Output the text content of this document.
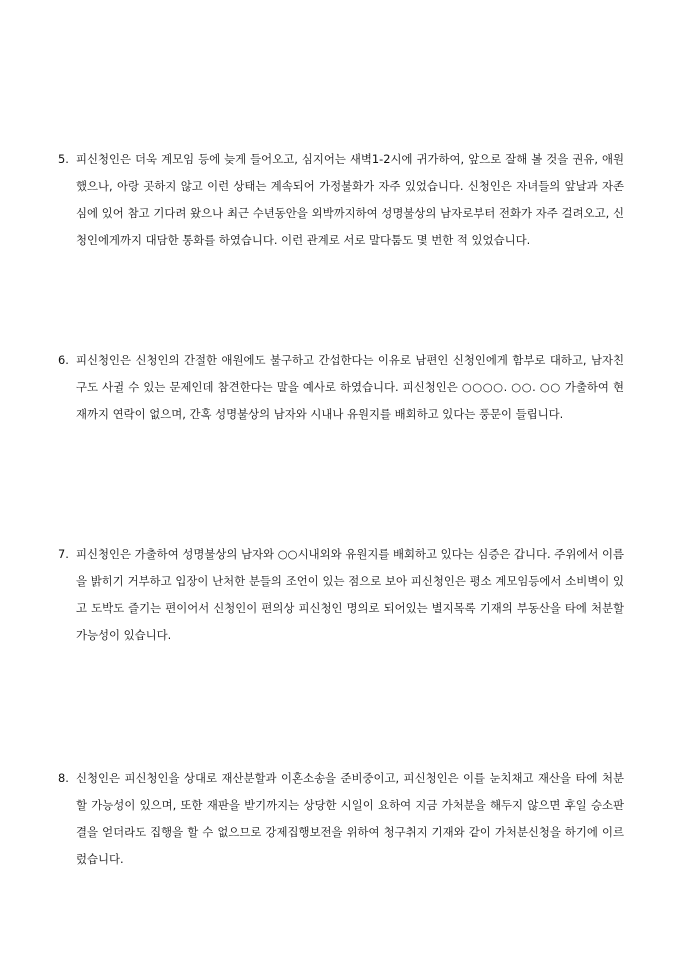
5. 피신청인은 더욱 계모임 등에 늦게 들어오고, 심지어는 새벽1-2시에 귀가하여, 앞으로 잘해 볼 것을 권유, 애원했으나, 아랑 곳하지 않고 이런 상태는 계속되어 가정불화가 자주 있었습니다. 신청인은 자녀들의 앞날과 자존심에 있어 참고 기다려 왔으나 최근 수년동안을 외박까지하여 성명불상의 남자로부터 전화가 자주 걸려오고, 신청인에게까지 대담한 통화를 하였습니다. 이런 관계로 서로 말다툼도 몇 번한 적 있었습니다.
6. 피신청인은 신청인의 간절한 애원에도 불구하고 간섭한다는 이유로 남편인 신청인에게 함부로 대하고, 남자친구도 사귈 수 있는 문제인데 참견한다는 말을 예사로 하였습니다. 피신청인은 ○○○○. ○○. ○○ 가출하여 현재까지 연락이 없으며, 간혹 성명불상의 남자와 시내나 유원지를 배회하고 있다는 풍문이 들립니다.
7. 피신청인은 가출하여 성명불상의 남자와 ○○시내외와 유원지를 배회하고 있다는 심증은 갑니다. 주위에서 이름을 밝히기 거부하고 입장이 난처한 분들의 조언이 있는 점으로 보아 피신청인은 평소 계모임등에서 소비벽이 있고 도박도 즐기는 편이어서 신청인이 편의상 피신청인 명의로 되어있는 별지목록 기재의 부동산을 타에 처분할 가능성이 있습니다.
8. 신청인은 피신청인을 상대로 재산분할과 이혼소송을 준비중이고, 피신청인은 이를 눈치채고 재산을 타에 처분할 가능성이 있으며, 또한 재판을 받기까지는 상당한 시일이 요하여 지금 가처분을 해두지 않으면 후일 승소판결을 얻더라도 집행을 할 수 없으므로 강제집행보전을 위하여 청구취지 기재와 같이 가처분신청을 하기에 이르렀습니다.
